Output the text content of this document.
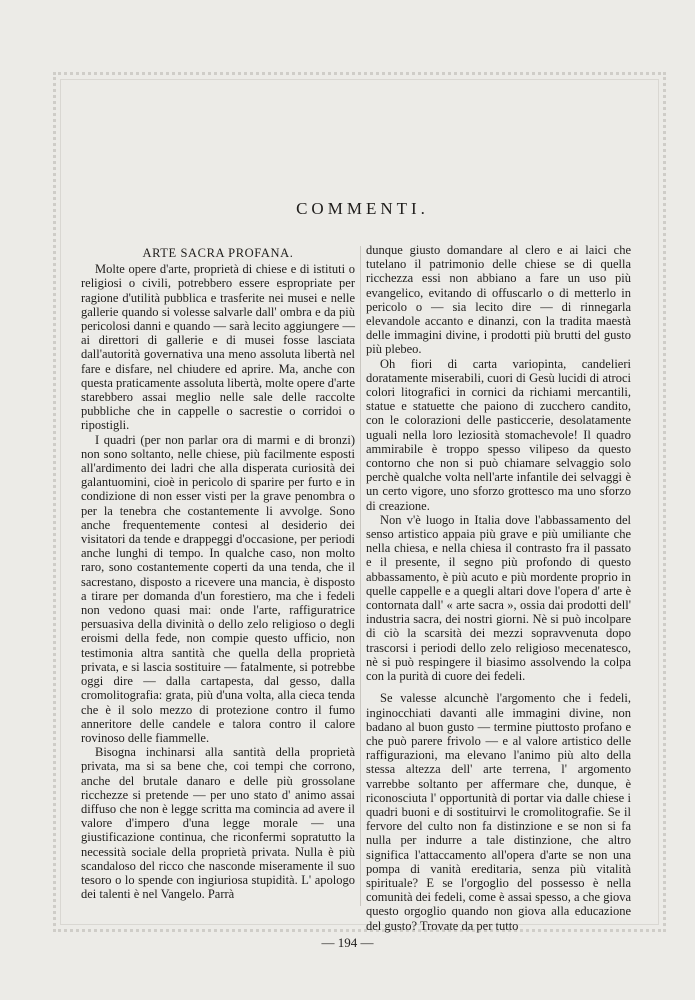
COMMENTI.
ARTE SACRA PROFANA.

Molte opere d'arte, proprietà di chiese e di istituti o religiosi o civili, potrebbero essere espropriate per ragione d'utilità pubblica e trasferite nei musei e nelle gallerie quando si volesse salvarle dall' ombra e da più pericolosi danni e quando — sarà lecito aggiungere — ai direttori di gallerie e di musei fosse lasciata dall'autorità governativa una meno assoluta libertà nel fare e disfare, nel chiudere ed aprire. Ma, anche con questa praticamente assoluta libertà, molte opere d'arte starebbero assai meglio nelle sale delle raccolte pubbliche che in cappelle o sacrestie o corridoi o ripostigli.

I quadri (per non parlar ora di marmi e di bronzi) non sono soltanto, nelle chiese, più facilmente esposti all'ardimento dei ladri che alla disperata curiosità dei galantuomini, cioè in pericolo di sparire per furto e in condizione di non esser visti per la grave penombra o per la tenebra che costantemente li avvolge. Sono anche frequentemente contesi al desiderio dei visitatori da tende e drappeggi d'occasione, per periodi anche lunghi di tempo. In qualche caso, non molto raro, sono costantemente coperti da una tenda, che il sacrestano, disposto a ricevere una mancia, è disposto a tirare per domanda d'un forestiero, ma che i fedeli non vedono quasi mai: onde l'arte, raffiguratrice persuasiva della divinità o dello zelo religioso o degli eroismi della fede, non compie questo ufficio, non testimonia altra santità che quella della proprietà privata, e si lascia sostituire — fatalmente, si potrebbe oggi dire — dalla cartapesta, dal gesso, dalla cromolitografia: grata, più d'una volta, alla cieca tenda che è il solo mezzo di protezione contro il fumo anneritore delle candele e talora contro il calore rovinoso delle fiammelle.

Bisogna inchinarsi alla santità della proprietà privata, ma si sa bene che, coi tempi che corrono, anche del brutale danaro e delle più grossolane ricchezze si pretende — per uno stato d' animo assai diffuso che non è legge scritta ma comincia ad avere il valore d'impero d'una legge morale — una giustificazione continua, che riconfermi sopratutto la necessità sociale della proprietà privata. Nulla è più scandaloso del ricco che nasconde miseramente il suo tesoro o lo spende con ingiuriosa stupidità. L' apologo dei talenti è nel Vangelo. Parrà

dunque giusto domandare al clero e ai laici che tutelano il patrimonio delle chiese se di quella ricchezza essi non abbiano a fare un uso più evangelico, evitando di offuscarlo o di metterlo in pericolo o — sia lecito dire — di rinnegarla elevandole accanto e dinanzi, con la tradita maestà delle immagini divine, i prodotti più brutti del gusto più plebeo.

Oh fiori di carta variopinta, candelieri doratamente miserabili, cuori di Gesù lucidi di atroci colori litografici in cornici da richiami mercantili, statue e statuette che paiono di zucchero candito, con le colorazioni delle pasticcerie, desolatamente uguali nella loro leziosità stomachevole! Il quadro ammirabile è troppo spesso vilipeso da questo contorno che non si può chiamare selvaggio solo perchè qualche volta nell'arte infantile dei selvaggi è un certo vigore, uno sforzo grottesco ma uno sforzo di creazione.

Non v'è luogo in Italia dove l'abbassamento del senso artistico appaia più grave e più umiliante che nella chiesa, e nella chiesa il contrasto fra il passato e il presente, il segno più profondo di questo abbassamento, è più acuto e più mordente proprio in quelle cappelle e a quegli altari dove l'opera d' arte è contornata dall' « arte sacra », ossia dai prodotti dell' industria sacra, dei nostri giorni. Nè si può incolpare di ciò la scarsità dei mezzi sopravvenuta dopo trascorsi i periodi dello zelo religioso mecenatesco, nè si può respingere il biasimo assolvendo la colpa con la purità di cuore dei fedeli.

Se valesse alcunchè l'argomento che i fedeli, inginocchiati davanti alle immagini divine, non badano al buon gusto — termine piuttosto profano e che può parere frivolo — e al valore artistico delle raffigurazioni, ma elevano l'animo più alto della stessa altezza dell' arte terrena, l' argomento varrebbe soltanto per affermare che, dunque, è riconosciuta l' opportunità di portar via dalle chiese i quadri buoni e di sostituirvi le cromolitografie. Se il fervore del culto non fa distinzione e se non si fa nulla per indurre a tale distinzione, che altro significa l'attaccamento all'opera d'arte se non una pompa di vanità ereditaria, senza più vitalità spirituale? E se l'orgoglio del possesso è nella comunità dei fedeli, come è assai spesso, a che giova questo orgoglio quando non giova alla educazione del gusto? Trovate da per tutto

— 194 —
